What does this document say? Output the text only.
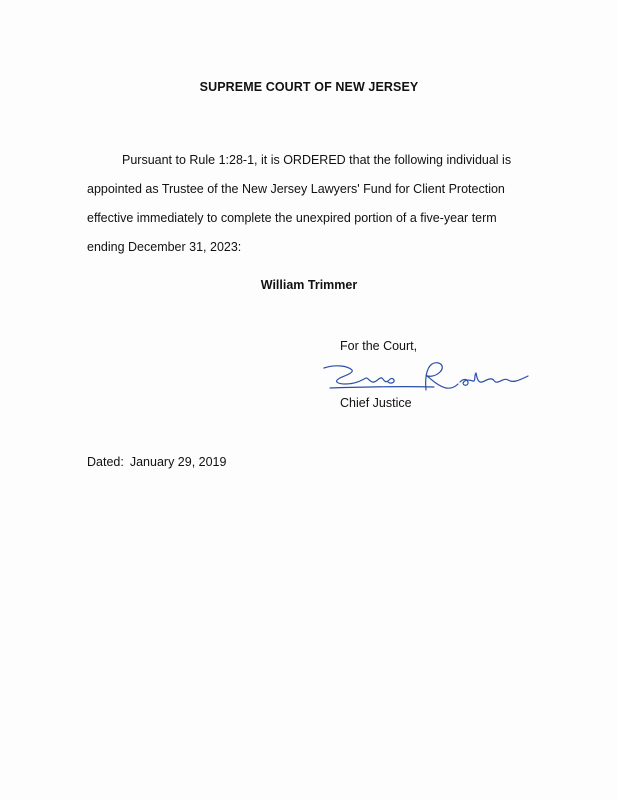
SUPREME COURT OF NEW JERSEY
Pursuant to Rule 1:28-1, it is ORDERED that the following individual is
appointed as Trustee of the New Jersey Lawyers' Fund for Client Protection
effective immediately to complete the unexpired portion of a five-year term
ending December 31, 2023:
William Trimmer
For the Court,
Chief Justice
Dated: January 29, 2019
